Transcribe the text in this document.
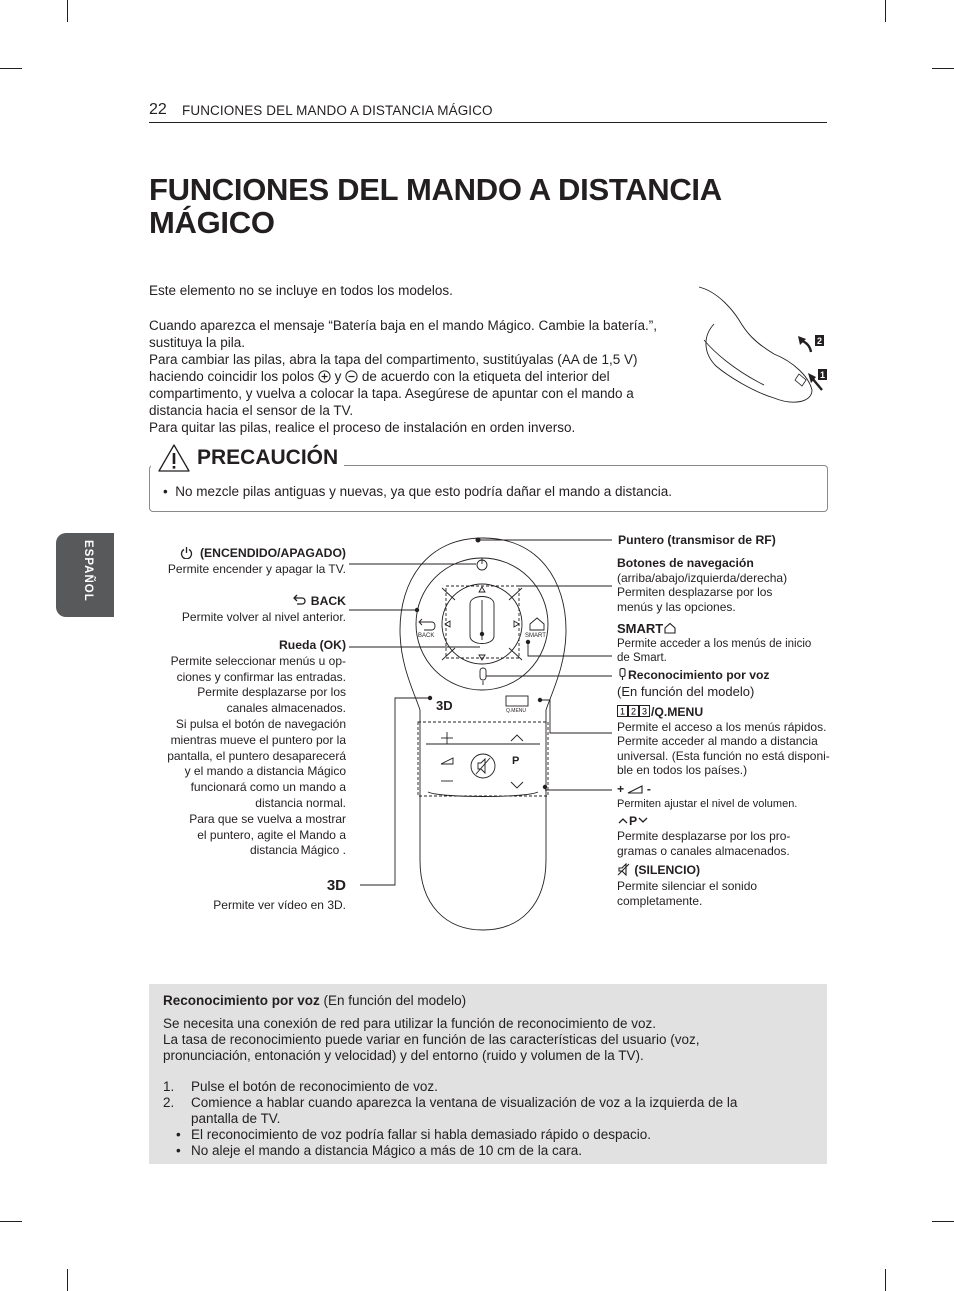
22 FUNCIONES DEL MANDO A DISTANCIA MÁGICO
ESPAÑOL
FUNCIONES DEL MANDO A DISTANCIA
MÁGICO

Este elemento no se incluye en todos los modelos.

Cuando aparezca el mensaje “Batería baja en el mando Mágico. Cambie la batería.”,

sustituya la pila.

Para cambiar las pilas, abra la tapa del compartimento, sustitúyalas (AA de 1,5 V)

haciendo coincidir los polos y de acuerdo con la etiqueta del interior del

compartimento, y vuelva a colocar la tapa. Asegúrese de apuntar con el mando a

distancia hacia el sensor de la TV.

Para quitar las pilas, realice el proceso de instalación en orden inverso.

2
1
PRECAUCIÓN
• No mezcle pilas antiguas y nuevas, ya que esto podría dañar el mando a distancia.
BACK	SMART
3D
P
Q.MENU
(ENCENDIDO/APAGADO)
Permite encender y apagar la TV.
BACK
Permite volver al nivel anterior.
Rueda (OK)
Permite seleccionar menús u op-
ciones y confirmar las entradas.
Permite desplazarse por los
canales almacenados.
Si pulsa el botón de navegación
mientras mueve el puntero por la
pantalla, el puntero desaparecerá
y el mando a distancia Mágico
funcionará como un mando a
distancia normal.
Para que se vuelva a mostrar
el puntero, agite el Mando a
distancia Mágico .
3D
Permite ver vídeo en 3D.
Puntero (transmisor de RF)
Botones de navegación
(arriba/abajo/izquierda/derecha)
Permiten desplazarse por los
menús y las opciones.
SMART
Permite acceder a los menús de inicio
de Smart.
Reconocimiento por voz
(En función del modelo)
1 2 3 /Q.MENU
Permite el acceso a los menús rápidos.
Permite acceder al mando a distancia
universal. (Esta función no está disponi-
ble en todos los países.)
+ -
Permiten ajustar el nivel de volumen.
P
Permite desplazarse por los pro-
gramas o canales almacenados.
(SILENCIO)
Permite silenciar el sonido
completamente.

Reconocimiento por voz (En función del modelo)

Se necesita una conexión de red para utilizar la función de reconocimiento de voz.

La tasa de reconocimiento puede variar en función de las características del usuario (voz,

pronunciación, entonación y velocidad) y del entorno (ruido y volumen de la TV).

1.	Pulse el botón de reconocimiento de voz.
2.	Comience a hablar cuando aparezca la ventana de visualización de voz a la izquierda de la
pantalla de TV.
• El reconocimiento de voz podría fallar si habla demasiado rápido o despacio.
• No aleje el mando a distancia Mágico a más de 10 cm de la cara.
